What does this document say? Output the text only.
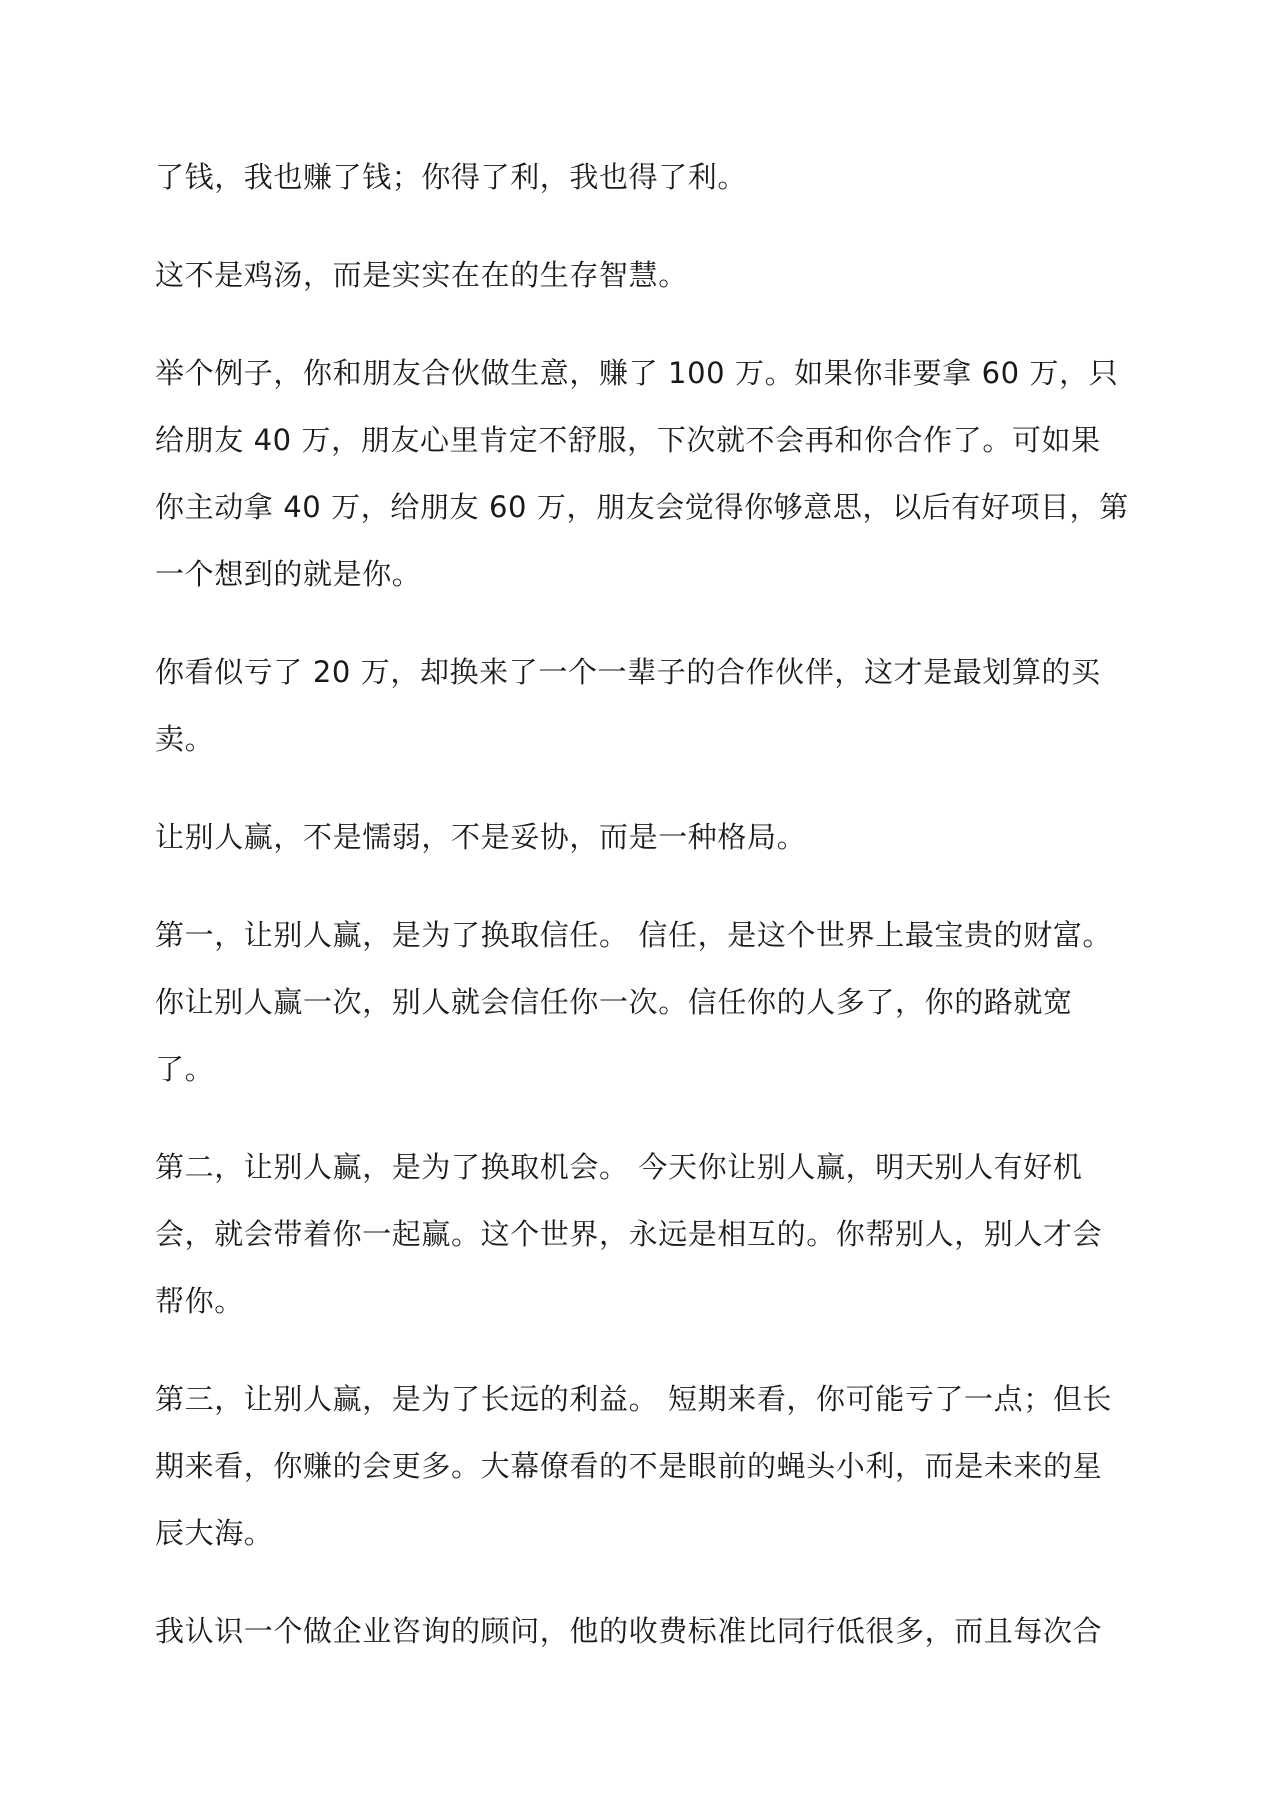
了钱，我也赚了钱；你得了利，我也得了利。
这不是鸡汤，而是实实在在的生存智慧。
举个例子，你和朋友合伙做生意，赚了 100 万。如果你非要拿 60 万，只
给朋友 40 万，朋友心里肯定不舒服，下次就不会再和你合作了。可如果
你主动拿 40 万，给朋友 60 万，朋友会觉得你够意思，以后有好项目，第
一个想到的就是你。
你看似亏了 20 万，却换来了一个一辈子的合作伙伴，这才是最划算的买
卖。
让别人赢，不是懦弱，不是妥协，而是一种格局。
第一，让别人赢，是为了换取信任。 信任，是这个世界上最宝贵的财富。
你让别人赢一次，别人就会信任你一次。信任你的人多了，你的路就宽
了。
第二，让别人赢，是为了换取机会。 今天你让别人赢，明天别人有好机
会，就会带着你一起赢。这个世界，永远是相互的。你帮别人，别人才会
帮你。
第三，让别人赢，是为了长远的利益。 短期来看，你可能亏了一点；但长
期来看，你赚的会更多。大幕僚看的不是眼前的蝇头小利，而是未来的星
辰大海。
我认识一个做企业咨询的顾问，他的收费标准比同行低很多，而且每次合
